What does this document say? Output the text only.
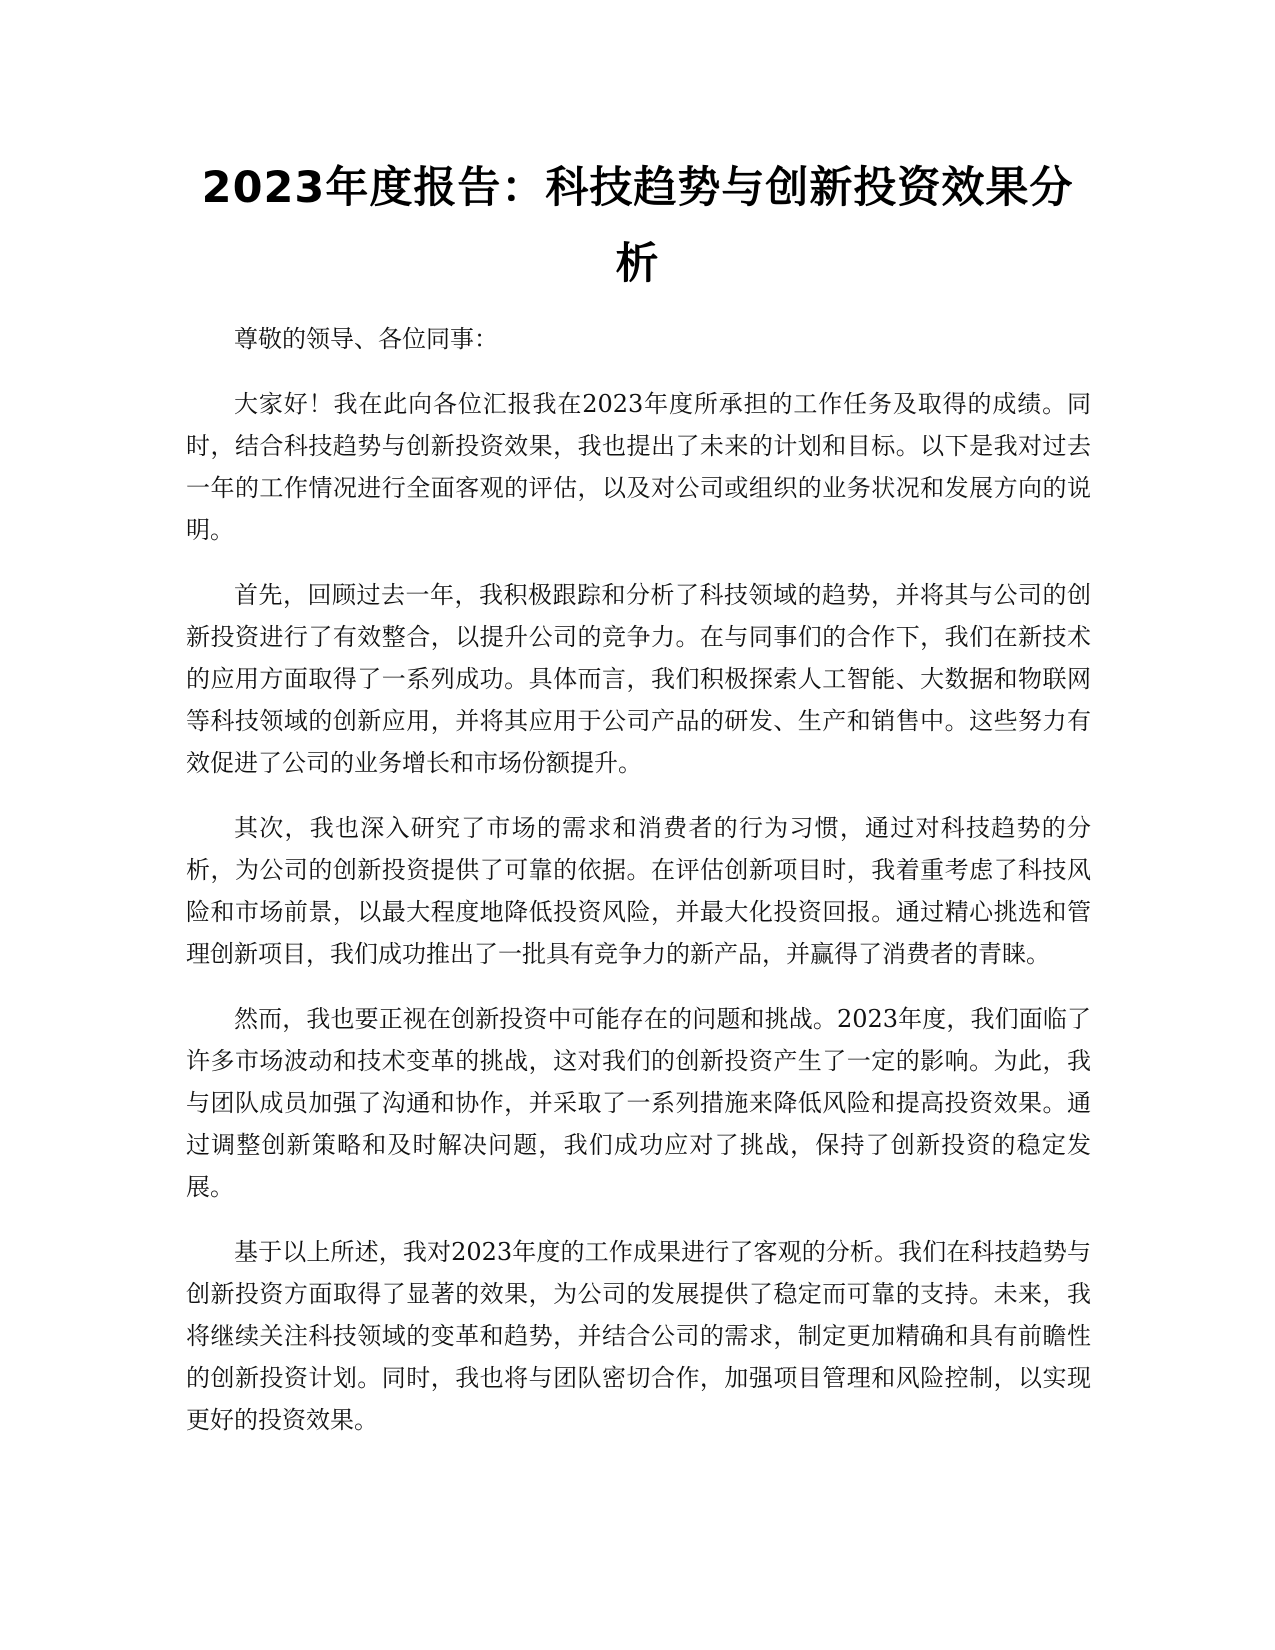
2023年度报告：科技趋势与创新投资效果分析

尊敬的领导、各位同事：

大家好！我在此向各位汇报我在2023年度所承担的工作任务及取得的成绩。同时，结合科技趋势与创新投资效果，我也提出了未来的计划和目标。以下是我对过去一年的工作情况进行全面客观的评估，以及对公司或组织的业务状况和发展方向的说明。

首先，回顾过去一年，我积极跟踪和分析了科技领域的趋势，并将其与公司的创新投资进行了有效整合，以提升公司的竞争力。在与同事们的合作下，我们在新技术的应用方面取得了一系列成功。具体而言，我们积极探索人工智能、大数据和物联网等科技领域的创新应用，并将其应用于公司产品的研发、生产和销售中。这些努力有效促进了公司的业务增长和市场份额提升。

其次，我也深入研究了市场的需求和消费者的行为习惯，通过对科技趋势的分析，为公司的创新投资提供了可靠的依据。在评估创新项目时，我着重考虑了科技风险和市场前景，以最大程度地降低投资风险，并最大化投资回报。通过精心挑选和管理创新项目，我们成功推出了一批具有竞争力的新产品，并赢得了消费者的青睐。

然而，我也要正视在创新投资中可能存在的问题和挑战。2023年度，我们面临了许多市场波动和技术变革的挑战，这对我们的创新投资产生了一定的影响。为此，我与团队成员加强了沟通和协作，并采取了一系列措施来降低风险和提高投资效果。通过调整创新策略和及时解决问题，我们成功应对了挑战，保持了创新投资的稳定发展。

基于以上所述，我对2023年度的工作成果进行了客观的分析。我们在科技趋势与创新投资方面取得了显著的效果，为公司的发展提供了稳定而可靠的支持。未来，我将继续关注科技领域的变革和趋势，并结合公司的需求，制定更加精确和具有前瞻性的创新投资计划。同时，我也将与团队密切合作，加强项目管理和风险控制，以实现更好的投资效果。
